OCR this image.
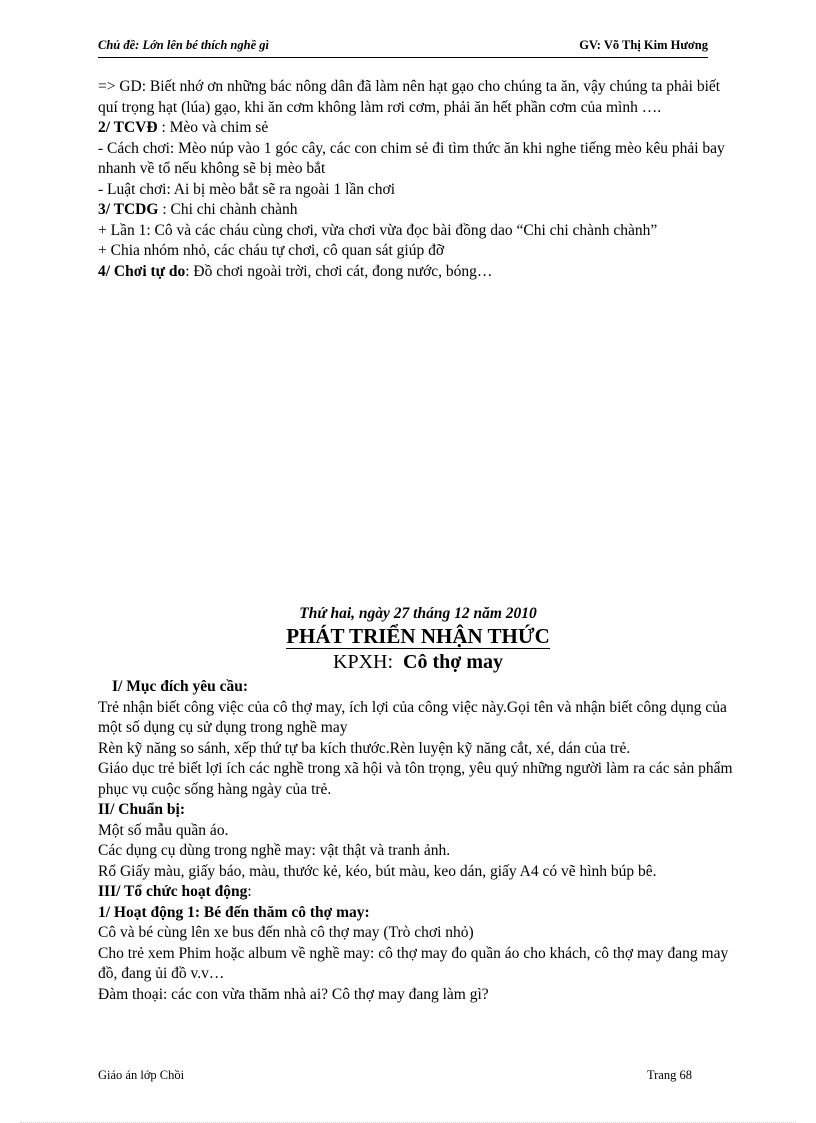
Chủ đề: Lớn lên bé thích nghề gì	GV: Võ Thị Kim Hương

=> GD: Biết nhớ ơn những bác nông dân đã làm nên hạt gạo cho chúng ta ăn, vậy chúng ta phải biết quí trọng hạt (lúa) gạo, khi ăn cơm không làm rơi cơm, phải ăn hết phần cơm của mình ….

2/ TCVĐ : Mèo và chim sẻ

- Cách chơi: Mèo núp vào 1 góc cây, các con chim sẻ đi tìm thức ăn khi nghe tiếng mèo kêu phải bay nhanh về tổ nếu không sẽ bị mèo bắt

- Luật chơi: Ai bị mèo bắt sẽ ra ngoài 1 lần chơi

3/ TCDG : Chi chi chành chành

+ Lần 1: Cô và các cháu cùng chơi, vừa chơi vừa đọc bài đồng dao “Chi chi chành chành”

+ Chia nhóm nhỏ, các cháu tự chơi, cô quan sát giúp đỡ

4/ Chơi tự do: Đồ chơi ngoài trời, chơi cát, đong nước, bóng…

Thứ hai, ngày 27 tháng 12 năm 2010
PHÁT TRIỂN NHẬN THỨC
KPXH: Cô thợ may

I/ Mục đích yêu cầu:

Trẻ nhận biết công việc của cô thợ may, ích lợi của công việc này.Gọi tên và nhận biết công dụng của một số dụng cụ sử dụng trong nghề may

Rèn kỹ năng so sánh, xếp thứ tự ba kích thước.Rèn luyện kỹ năng cắt, xé, dán của trẻ.

Giáo dục trẻ biết lợi ích các nghề trong xã hội và tôn trọng, yêu quý những người làm ra các sản phẩm phục vụ cuộc sống hàng ngày của trẻ.

II/ Chuẩn bị:

Một số mẫu quần áo.

Các dụng cụ dùng trong nghề may: vật thật và tranh ảnh.

Rổ Giấy màu, giấy báo, màu, thước kẻ, kéo, bút màu, keo dán, giấy A4 có vẽ hình búp bê.

III/ Tổ chức hoạt động:

1/ Hoạt động 1: Bé đến thăm cô thợ may:

Cô và bé cùng lên xe bus đến nhà cô thợ may (Trò chơi nhỏ)

Cho trẻ xem Phim hoặc album về nghề may: cô thợ may đo quần áo cho khách, cô thợ may đang may đồ, đang ủi đồ v.v…

Đàm thoại: các con vừa thăm nhà ai? Cô thợ may đang làm gì?

Giáo án lớp Chồi	Trang 68
